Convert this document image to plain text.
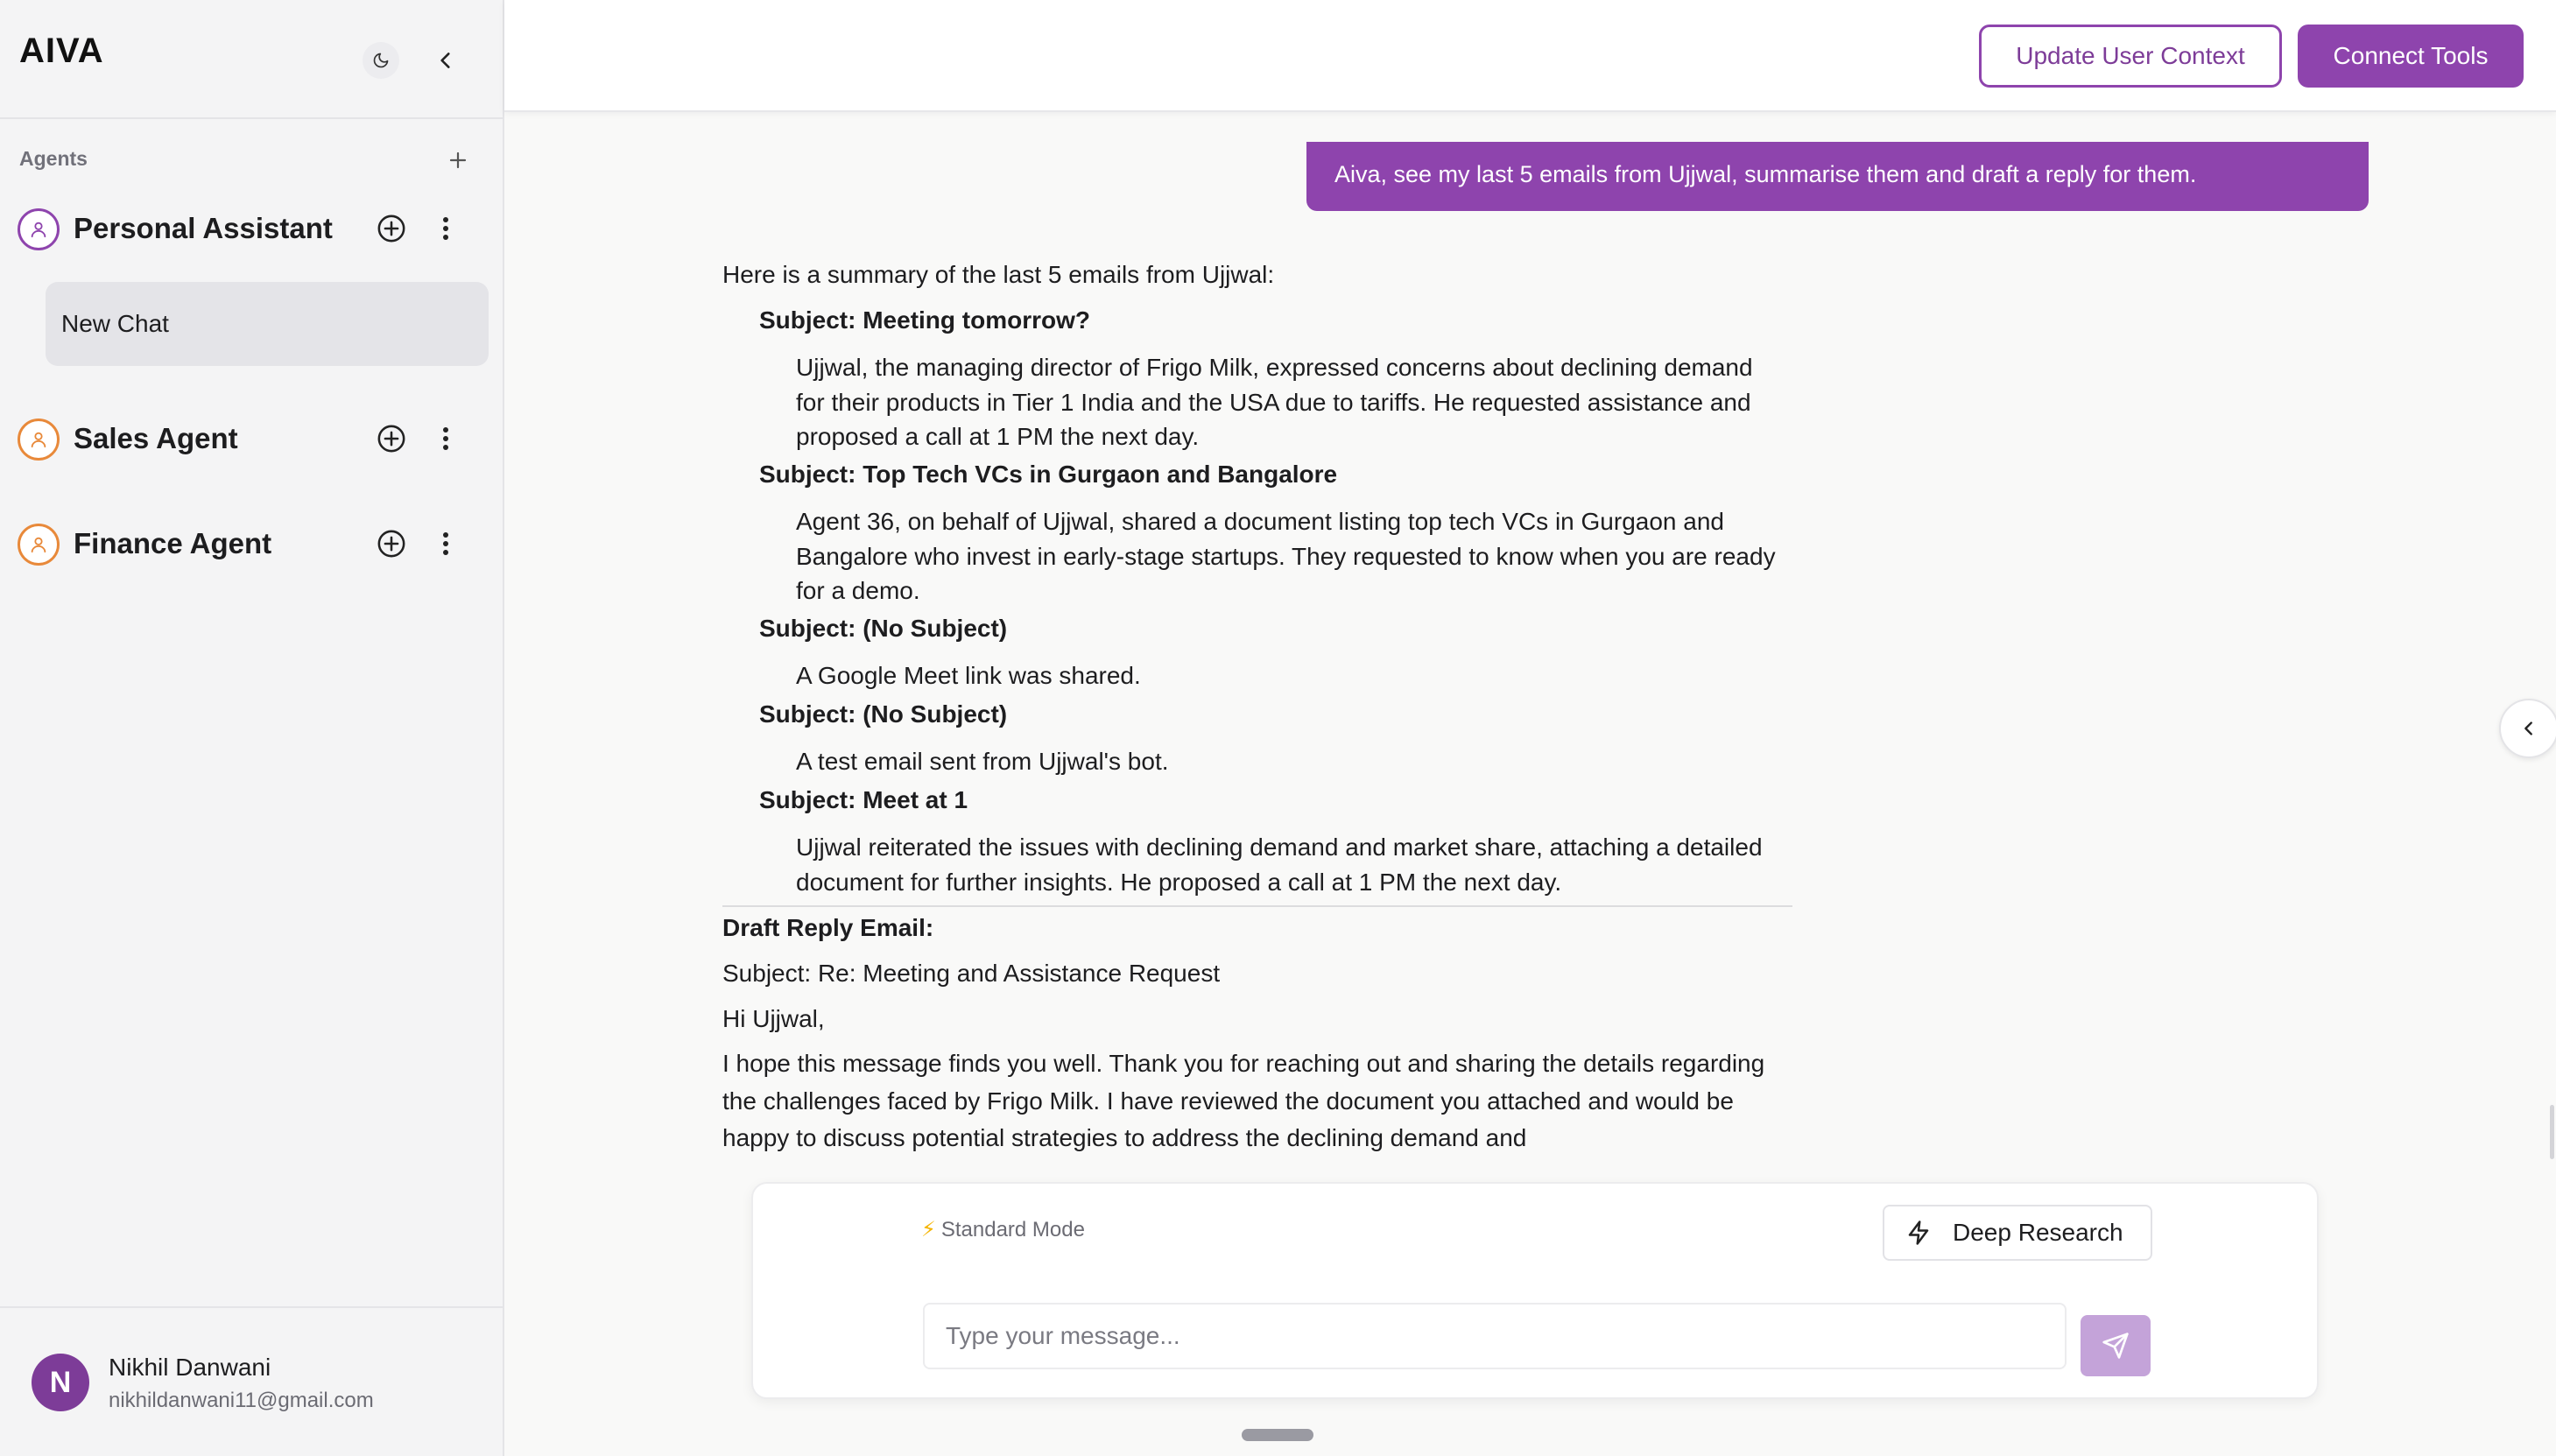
AIVA
Agents
Personal Assistant
New Chat
Sales Agent
Finance Agent
N	Nikhil Danwani
nikhildanwani11@gmail.com
Update User Context	Connect Tools
Aiva, see my last 5 emails from Ujjwal, summarise them and draft a reply for them.
Here is a summary of the last 5 emails from Ujjwal:
Subject: Meeting tomorrow?
Ujjwal, the managing director of Frigo Milk, expressed concerns about declining demand for their products in Tier 1 India and the USA due to tariffs. He requested assistance and proposed a call at 1 PM the next day.
Subject: Top Tech VCs in Gurgaon and Bangalore
Agent 36, on behalf of Ujjwal, shared a document listing top tech VCs in Gurgaon and Bangalore who invest in early-stage startups. They requested to know when you are ready for a demo.
Subject: (No Subject)
A Google Meet link was shared.
Subject: (No Subject)
A test email sent from Ujjwal's bot.
Subject: Meet at 1
Ujjwal reiterated the issues with declining demand and market share, attaching a detailed document for further insights. He proposed a call at 1 PM the next day.
Draft Reply Email:
Subject: Re: Meeting and Assistance Request
Hi Ujjwal,
I hope this message finds you well. Thank you for reaching out and sharing the details regarding the challenges faced by Frigo Milk. I have reviewed the document you attached and would be happy to discuss potential strategies to address the declining demand and
⚡ Standard Mode	Deep Research
Type your message...
